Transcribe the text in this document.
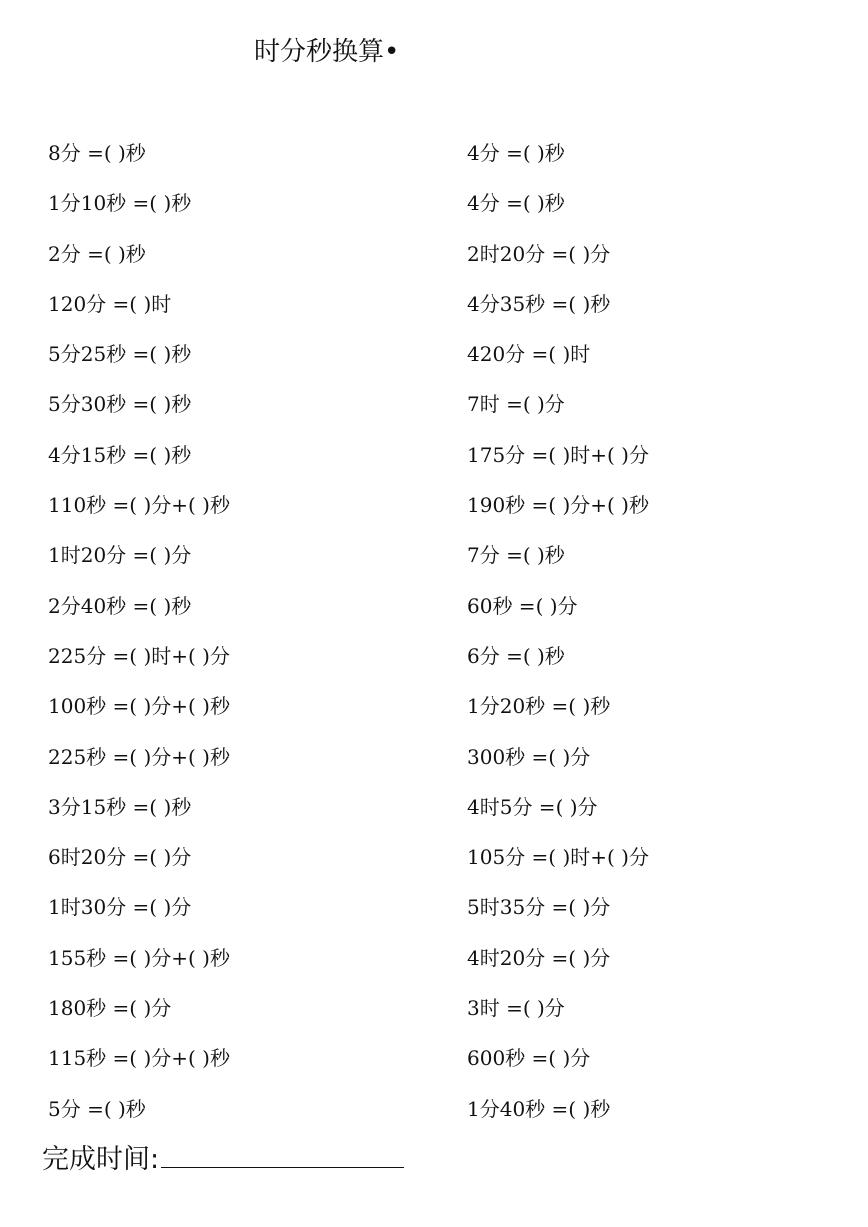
时分秒换算•
8分 =( )秒
1分10秒 =( )秒
2分 =( )秒
120分 =( )时
5分25秒 =( )秒
5分30秒 =( )秒
4分15秒 =( )秒
110秒 =( )分+( )秒
1时20分 =( )分
2分40秒 =( )秒
225分 =( )时+( )分
100秒 =( )分+( )秒
225秒 =( )分+( )秒
3分15秒 =( )秒
6时20分 =( )分
1时30分 =( )分
155秒 =( )分+( )秒
180秒 =( )分
115秒 =( )分+( )秒
5分 =( )秒
4分 =( )秒
4分 =( )秒
2时20分 =( )分
4分35秒 =( )秒
420分 =( )时
7时 =( )分
175分 =( )时+( )分
190秒 =( )分+( )秒
7分 =( )秒
60秒 =( )分
6分 =( )秒
1分20秒 =( )秒
300秒 =( )分
4时5分 =( )分
105分 =( )时+( )分
5时35分 =( )分
4时20分 =( )分
3时 =( )分
600秒 =( )分
1分40秒 =( )秒
完成时间:
